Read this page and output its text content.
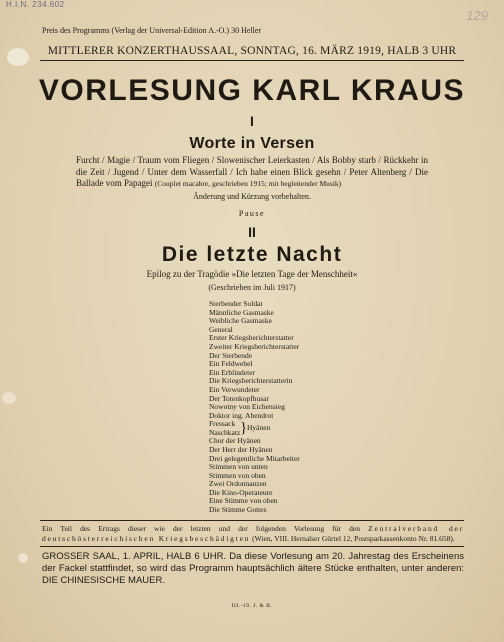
H.I.N. 234.602
129
Preis des Programms (Verlag der Universal-Edition A.-O.) 30 Heller
MITTLERER KONZERTHAUSSAAL, SONNTAG, 16. MÄRZ 1919, HALB 3 UHR
VORLESUNG KARL KRAUS
I
Worte in Versen
Furcht / Magie / Traum vom Fliegen / Slowenischer Leierkasten / Als Bobby starb / Rückkehr in die Zeit / Jugend / Unter dem Wasserfall / Ich habe einen Blick gesehn / Peter Altenberg / Die Ballade vom Papagei (Couplet macabre, geschrieben 1915; mit begleitender Musik)
Änderung und Kürzung vorbehalten.
Pause
II
Die letzte Nacht
Epilog zu der Tragödie »Die letzten Tage der Menschheit«
(Geschrieben im Juli 1917)
Sterbender Soldat
Männliche Gasmaske
Weibliche Gasmaske
General
Erster Kriegsberichterstatter
Zweiter Kriegsberichterstatter
Der Sterbende
Ein Feldwebel
Ein Erblindeter
Die Kriegsberichterstatterin
Ein Verwundeter
Der Totenkopfhusar
Nowotny von Eichensieg
Doktor ing. Abendrot
Fressack
Naschkatz } Hyänen
Chor der Hyänen
Der Herr der Hyänen
Drei gelegentliche Mitarbeiter
Stimmen von unten
Stimmen von oben
Zwei Ordonnanzen
Die Kino-Operateure
Eine Stimme von oben
Die Stimme Gottes
Ein Teil des Ertrags dieser wie der letzten und der folgenden Vorlesung für den Zentralverband der deutschösterreichischen Kriegsbeschädigten (Wien, VIII. Hernalser Gürtel 12, Postsparkassenkonto Nr. 81.658).
GROSSER SAAL, 1. APRIL, HALB 6 UHR. Da diese Vorlesung am 20. Jahrestag des Erscheinens der Fackel stattfindet, so wird das Programm hauptsächlich ältere Stücke enthalten, unter anderen: DIE CHINESISCHE MAUER.
III.-19. J. & B.
